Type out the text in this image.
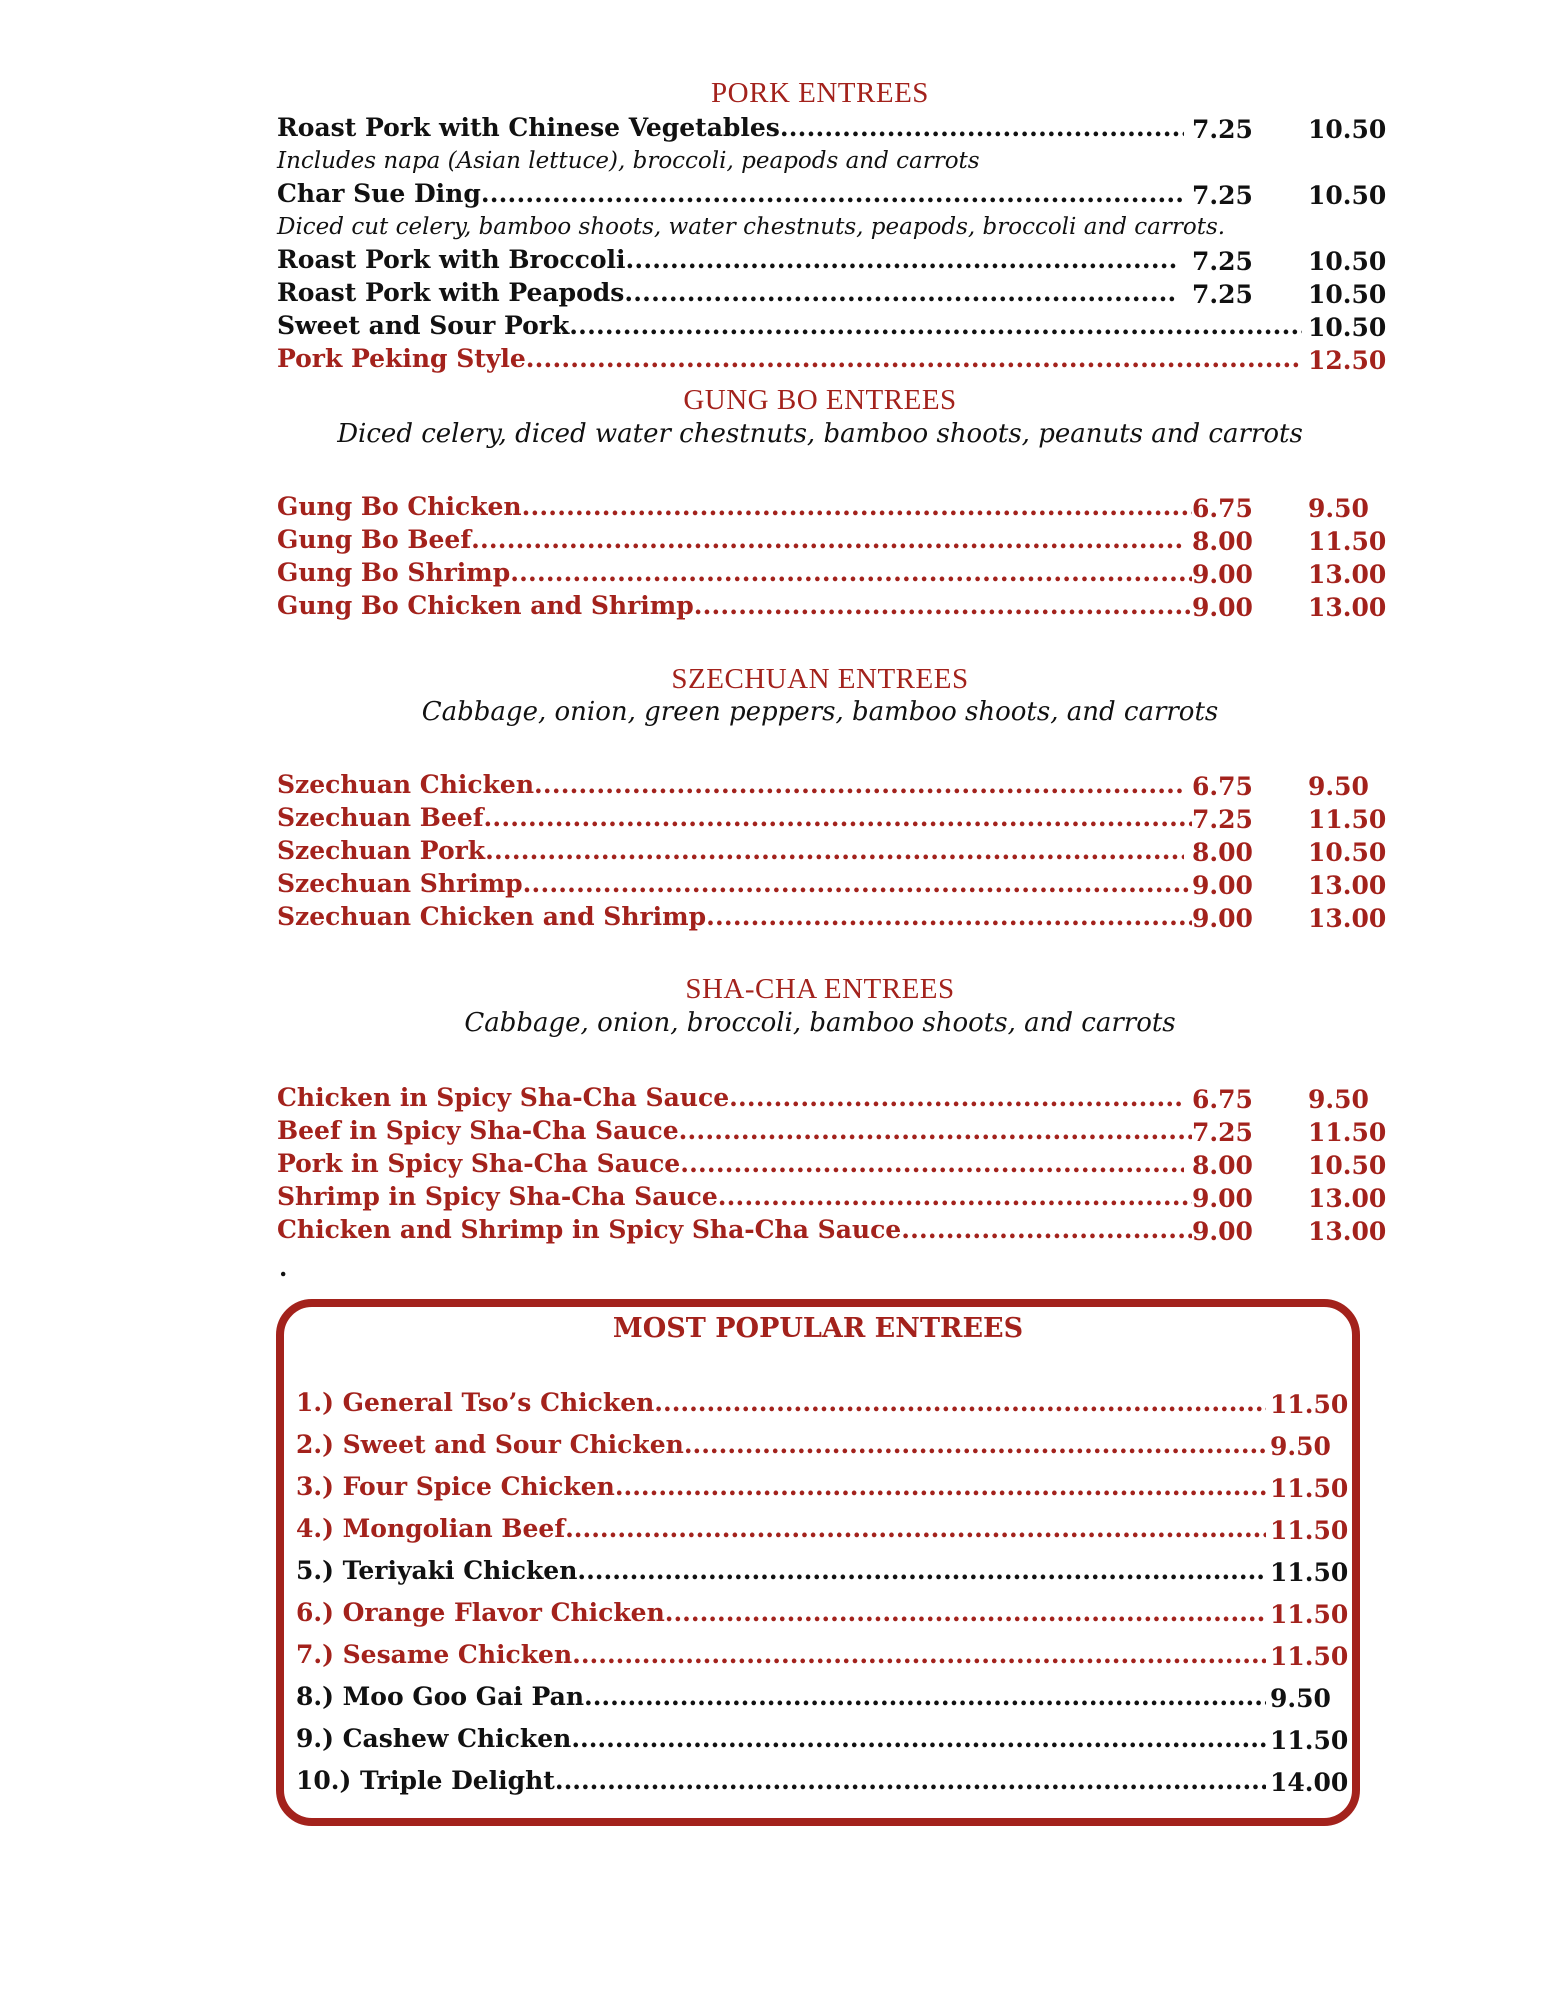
PORK ENTREES
Roast Pork with Chinese Vegetables .....	7.25 10.50
Includes napa (Asian lettuce), broccoli, peapods and carrots
Char Sue Ding .....	7.25 10.50
Diced cut celery, bamboo shoots, water chestnuts, peapods, broccoli and carrots.
Roast Pork with Broccoli .....	7.25 10.50
Roast Pork with Peapods .....	7.25 10.50
Sweet and Sour Pork .....	10.50
Pork Peking Style .....	12.50
GUNG BO ENTREES
Diced celery, diced water chestnuts, bamboo shoots, peanuts and carrots
Gung Bo Chicken .....	6.75 9.50
Gung Bo Beef .....	8.00 11.50
Gung Bo Shrimp .....	9.00 13.00
Gung Bo Chicken and Shrimp .....	9.00 13.00
SZECHUAN ENTREES
Cabbage, onion, green peppers, bamboo shoots, and carrots
Szechuan Chicken .....	6.75 9.50
Szechuan Beef .....	7.25 11.50
Szechuan Pork .....	8.00 10.50
Szechuan Shrimp .....	9.00 13.00
Szechuan Chicken and Shrimp .....	9.00 13.00
SHA-CHA ENTREES
Cabbage, onion, broccoli, bamboo shoots, and carrots
Chicken in Spicy Sha-Cha Sauce .....	6.75 9.50
Beef in Spicy Sha-Cha Sauce .....	7.25 11.50
Pork in Spicy Sha-Cha Sauce .....	8.00 10.50
Shrimp in Spicy Sha-Cha Sauce .....	9.00 13.00
Chicken and Shrimp in Spicy Sha-Cha Sauce .....	9.00 13.00
.
MOST POPULAR ENTREES
1.) General Tso’s Chicken .....	11.50
2.) Sweet and Sour Chicken .....	9.50
3.) Four Spice Chicken .....	11.50
4.) Mongolian Beef .....	11.50
5.) Teriyaki Chicken .....	11.50
6.) Orange Flavor Chicken .....	11.50
7.) Sesame Chicken .....	11.50
8.) Moo Goo Gai Pan .....	9.50
9.) Cashew Chicken .....	11.50
10.) Triple Delight .....	14.00
